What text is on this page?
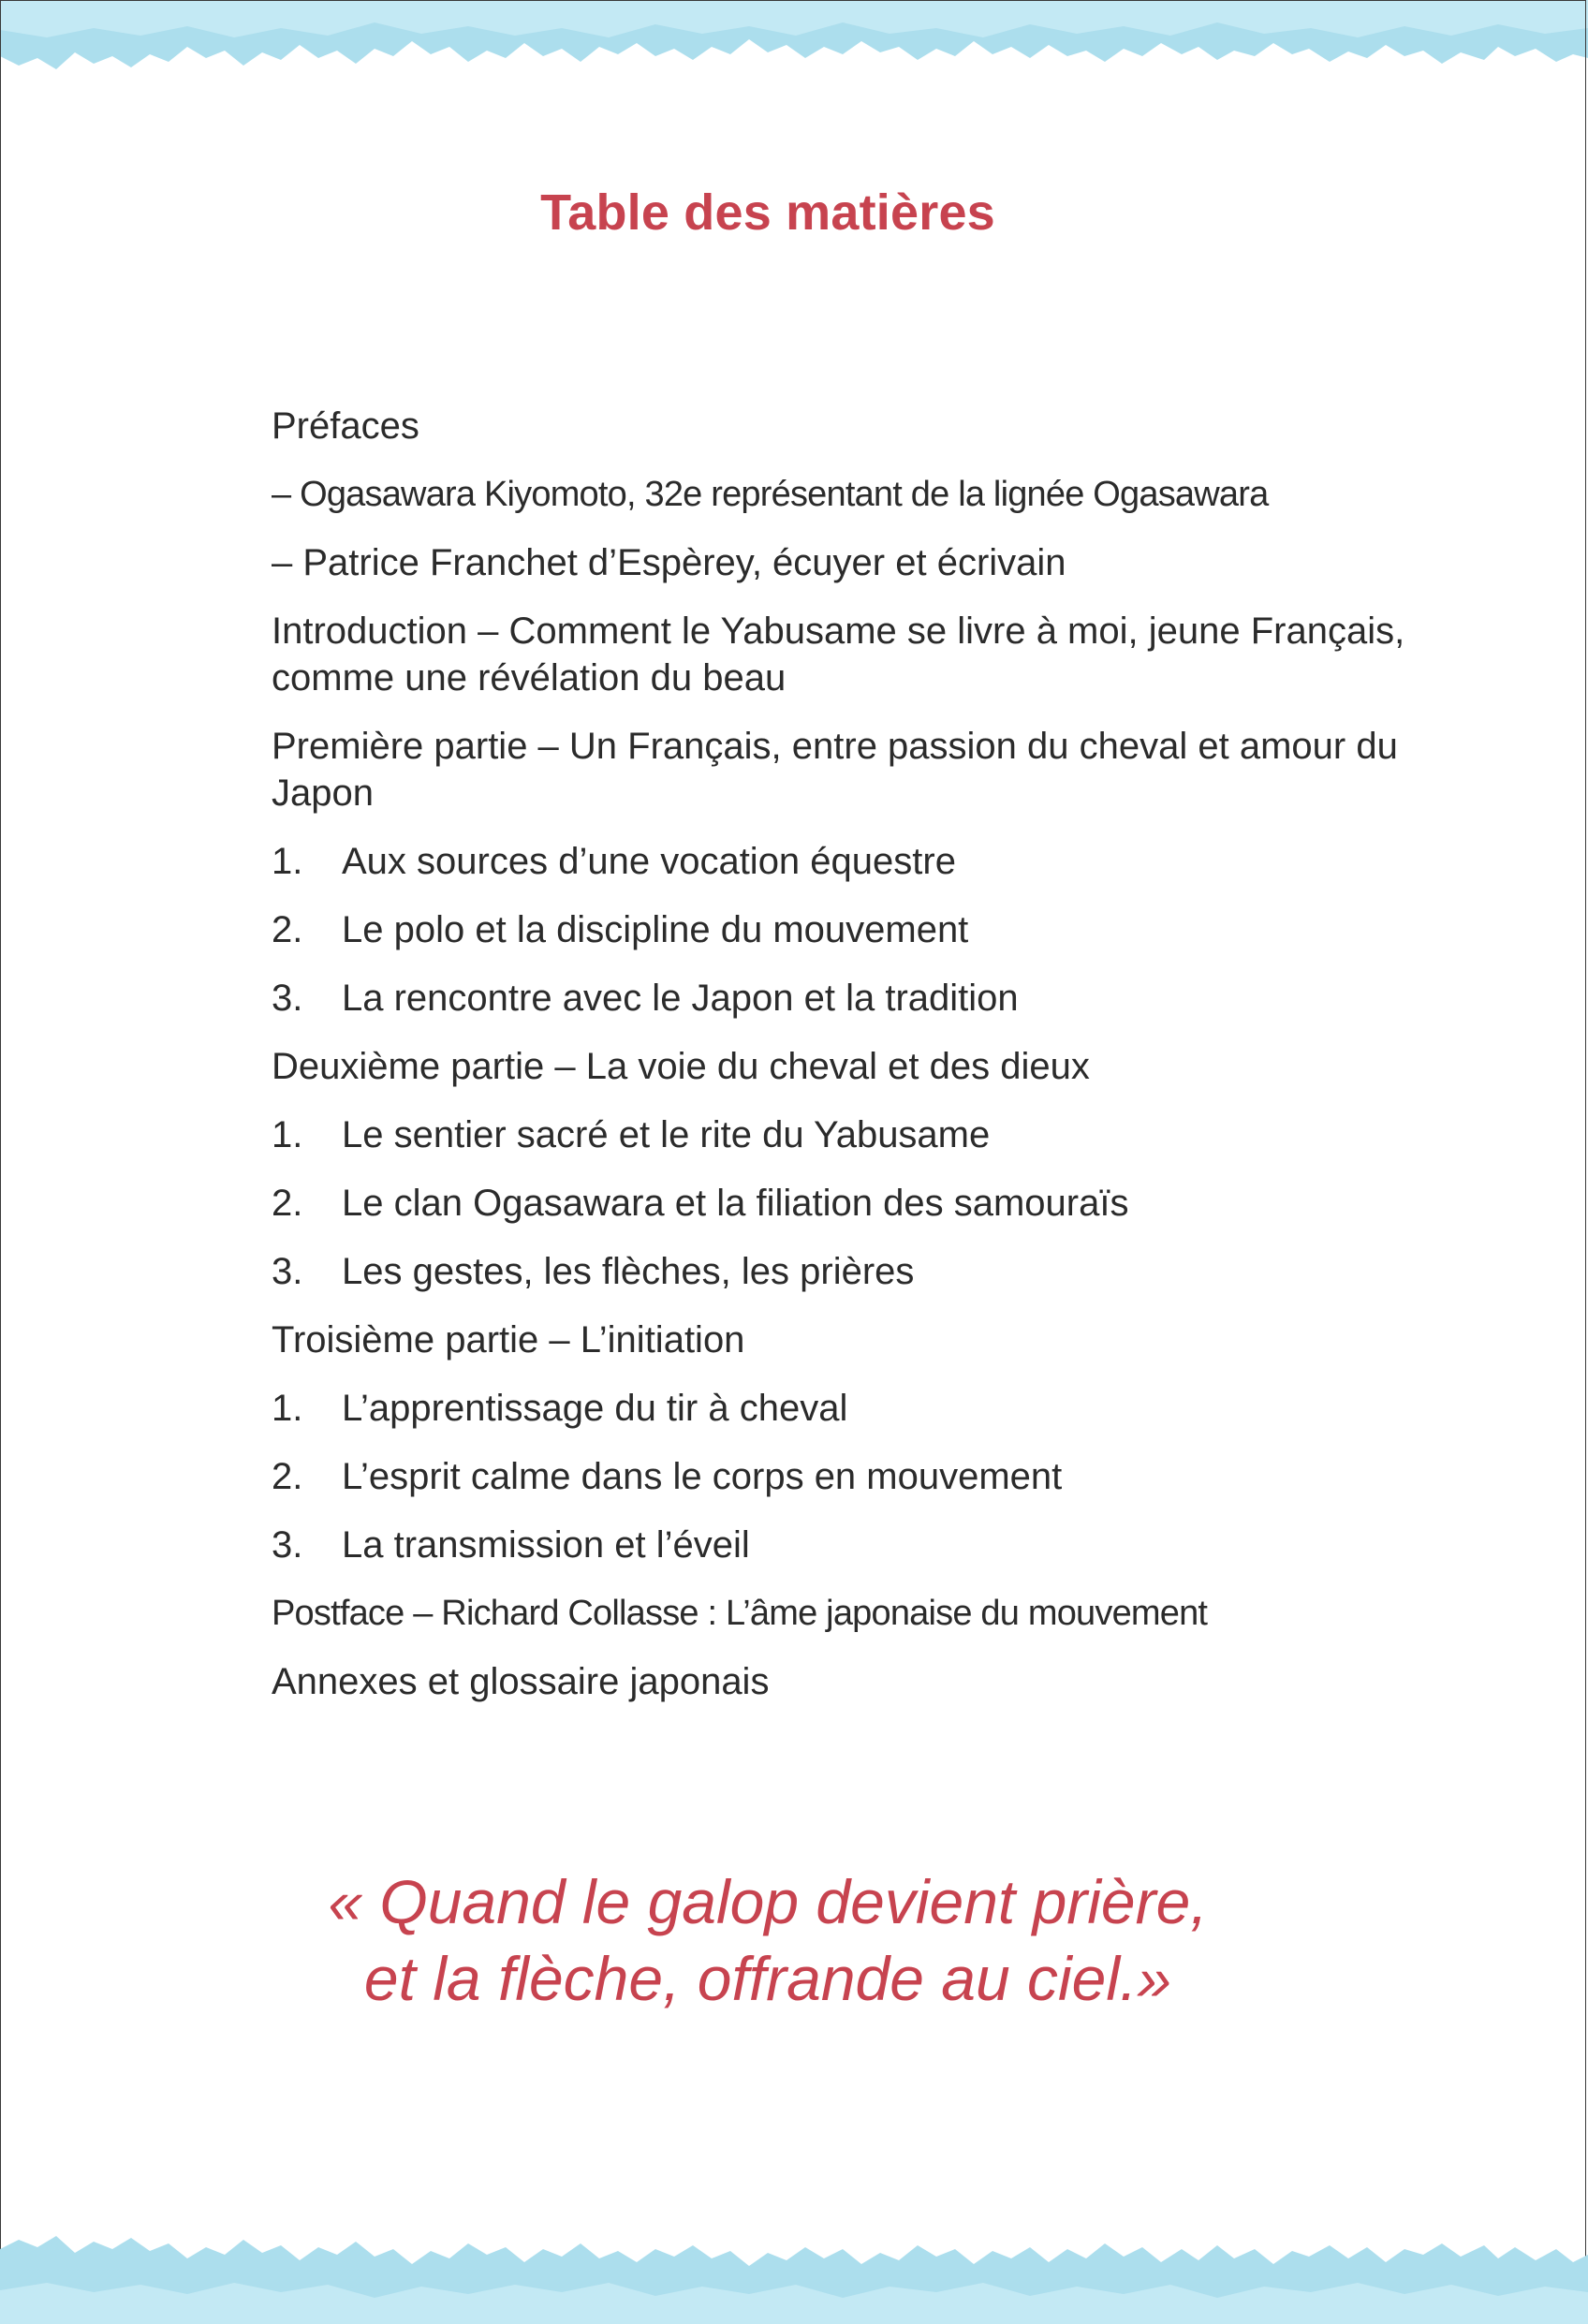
Table des matières
Préfaces
– Ogasawara Kiyomoto, 32e représentant de la lignée Ogasawara
– Patrice Franchet d’Espèrey, écuyer et écrivain
Introduction – Comment le Yabusame se livre à moi, jeune Français, comme une révélation du beau
Première partie – Un Français, entre passion du cheval et amour du Japon
1.	Aux sources d’une vocation équestre
2.	Le polo et la discipline du mouvement
3.	La rencontre avec le Japon et la tradition
Deuxième partie – La voie du cheval et des dieux
1.	Le sentier sacré et le rite du Yabusame
2.	Le clan Ogasawara et la filiation des samouraïs
3.	Les gestes, les flèches, les prières
Troisième partie – L’initiation
1.	L’apprentissage du tir à cheval
2.	L’esprit calme dans le corps en mouvement
3.	La transmission et l’éveil
Postface – Richard Collasse : L’âme japonaise du mouvement
Annexes et glossaire japonais
« Quand le galop devient prière,
et la flèche, offrande au ciel.»
